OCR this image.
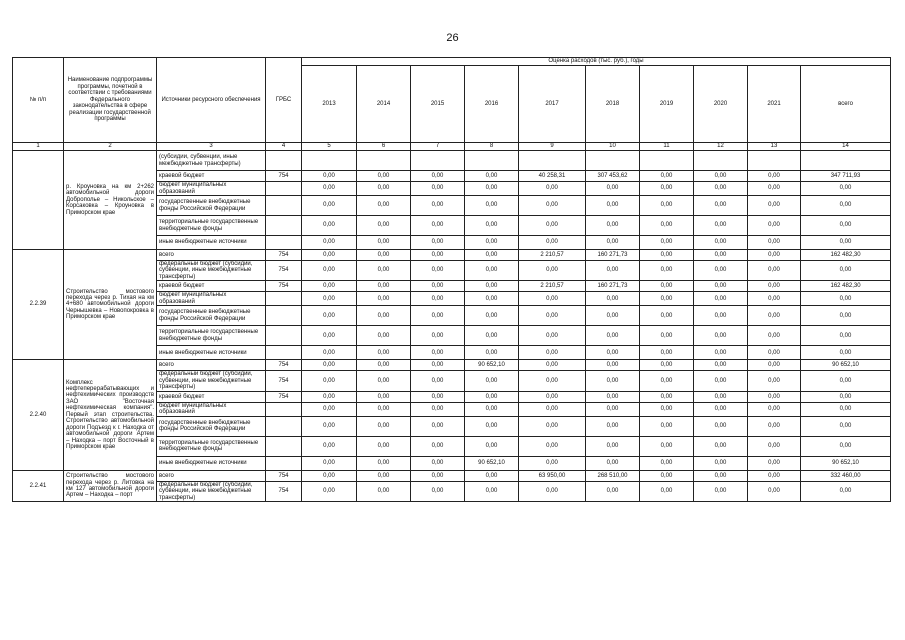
26
№ п/п	Наименование подпрограммы программы, почетной в соответствии с требованиями Федерального законодательства в сфере реализации государственной программы	Источники ресурсного обеспечения	ГРБС	Оценка расходов (тыс. руб.), годы									
				2013	2014	2015	2016	2017	2018	2019	2020	2021	всего
1	2	3	4	5	6	7	8	9	10	11	12	13	14
	р. Кроуновка на км 2+262 автомобильной дороги Доброполье – Никольское – Корсаковка – Кроуновка в Приморском крае	(субсидии, субвенции, иные межбюджетные трансферты)											
		краевой бюджет	754	0,00	0,00	0,00	0,00	40 258,31	307 453,62	0,00	0,00	0,00	347 711,93
		бюджет муниципальных образований		0,00	0,00	0,00	0,00	0,00	0,00	0,00	0,00	0,00	0,00
		государственные внебюджетные фонды Российской Федерации		0,00	0,00	0,00	0,00	0,00	0,00	0,00	0,00	0,00	0,00
		территориальные государственные внебюджетные фонды		0,00	0,00	0,00	0,00	0,00	0,00	0,00	0,00	0,00	0,00
		иные внебюджетные источники		0,00	0,00	0,00	0,00	0,00	0,00	0,00	0,00	0,00	0,00
2.2.39	Строительство мостового перехода через р. Тихая на км 4+680 автомобильной дороги Чернышевка – Новопокровка в Приморском крае	всего	754	0,00	0,00	0,00	0,00	2 210,57	160 271,73	0,00	0,00	0,00	162 482,30
		федеральный бюджет (субсидии, субвенции, иные межбюджетные трансферты)	754	0,00	0,00	0,00	0,00	0,00	0,00	0,00	0,00	0,00	0,00
		краевой бюджет	754	0,00	0,00	0,00	0,00	2 210,57	160 271,73	0,00	0,00	0,00	162 482,30
		бюджет муниципальных образований		0,00	0,00	0,00	0,00	0,00	0,00	0,00	0,00	0,00	0,00
		государственные внебюджетные фонды Российской Федерации		0,00	0,00	0,00	0,00	0,00	0,00	0,00	0,00	0,00	0,00
		территориальные государственные внебюджетные фонды		0,00	0,00	0,00	0,00	0,00	0,00	0,00	0,00	0,00	0,00
		иные внебюджетные источники		0,00	0,00	0,00	0,00	0,00	0,00	0,00	0,00	0,00	0,00
2.2.40	Комплекс нефтеперерабатывающих и нефтехимических производств ЗАО "Восточная нефтехимическая компания". Первый этап строительства. Строительство автомобильной дороги Подъезд к г. Находка от автомобильной дороги Артем – Находка – порт Восточный в Приморском крае	всего	754	0,00	0,00	0,00	90 652,10	0,00	0,00	0,00	0,00	0,00	90 652,10
		федеральный бюджет (субсидии, субвенции, иные межбюджетные трансферты)	754	0,00	0,00	0,00	0,00	0,00	0,00	0,00	0,00	0,00	0,00
		краевой бюджет	754	0,00	0,00	0,00	0,00	0,00	0,00	0,00	0,00	0,00	0,00
		бюджет муниципальных образований		0,00	0,00	0,00	0,00	0,00	0,00	0,00	0,00	0,00	0,00
		государственные внебюджетные фонды Российской Федерации		0,00	0,00	0,00	0,00	0,00	0,00	0,00	0,00	0,00	0,00
		территориальные государственные внебюджетные фонды		0,00	0,00	0,00	0,00	0,00	0,00	0,00	0,00	0,00	0,00
		иные внебюджетные источники		0,00	0,00	0,00	90 652,10	0,00	0,00	0,00	0,00	0,00	90 652,10
2.2.41	Строительство мостового перехода через р. Литовка на км 127 автомобильной дороги Артем – Находка – порт	всего	754	0,00	0,00	0,00	0,00	63 950,00	268 510,00	0,00	0,00	0,00	332 460,00
		федеральный бюджет (субсидии, субвенции, иные межбюджетные трансферты)	754	0,00	0,00	0,00	0,00	0,00	0,00	0,00	0,00	0,00	0,00
